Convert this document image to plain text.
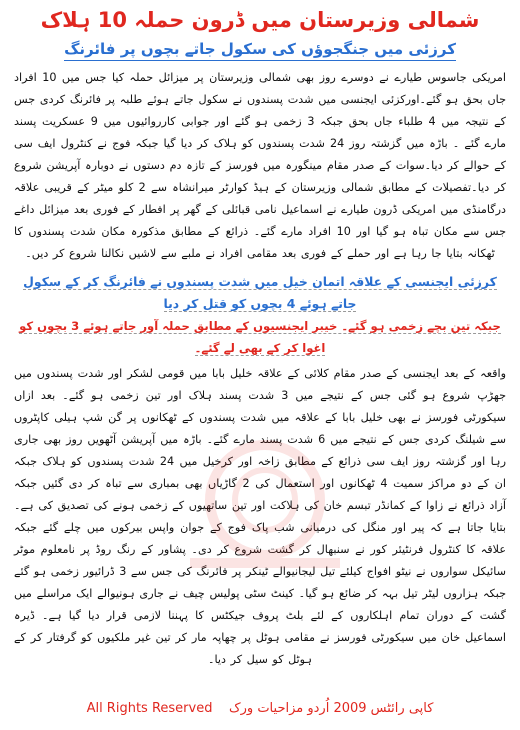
شمالی وزیرستان میں ڈرون حملہ 10 ہلاک
کرزئی میں جنگجوؤں کی سکول جاتے بچوں پر فائرنگ

امریکی جاسوس طیارے نے دوسرے روز بھی شمالی وزیرستان پر میزائل حملہ کیا جس میں 10 افراد جاں بحق ہو گئے۔اورکزئی ایجنسی میں شدت پسندوں نے سکول جاتے ہوئے طلبہ پر فائرنگ کردی جس کے نتیجہ میں 4 طلباء جاں بحق جبکہ 3 زخمی ہو گئے اور جوابی کارروائیوں میں 9 عسکریت پسند مارے گئے ۔ باڑہ میں گزشتہ روز 24 شدت پسندوں کو ہلاک کر دیا گیا جبکہ فوج نے کنٹرول ایف سی کے حوالے کر دیا۔سوات کے صدر مقام مینگورہ میں فورسز کے تازہ دم دستوں نے دوبارہ آپریشن شروع کر دیا۔تفصیلات کے مطابق شمالی وزیرستان کے ہیڈ کوارٹر میرانشاہ سے 2 کلو میٹر کے قریبی علاقہ درگامنڈی میں امریکی ڈرون طیارے نے اسماعیل نامی قبائلی کے گھر پر افطار کے فوری بعد میزائل داغے جس سے مکان تباہ ہو گیا اور 10 افراد مارے گئے۔ ذرائع کے مطابق مذکورہ مکان شدت پسندوں کا ٹھکانہ بتایا جا رہا ہے اور حملے کے فوری بعد مقامی افراد نے ملبے سے لاشیں نکالنا شروع کر دیں۔

کرزئی ایجنسی کے علاقہ اتمان خیل میں شدت پسندوں نے فائرنگ کر کے سکول جاتے ہوئے 4 بچوں کو قتل کر دیا
جبکہ تین بچے زخمی ہو گئے۔ خیبر ایجنسیوں کے مطابق حملہ آور جاتے ہوئے 3 بچوں کو اغوا کر کے بھی لے گئے۔

واقعہ کے بعد ایجنسی کے صدر مقام کلائی کے علاقہ خلیل بابا میں قومی لشکر اور شدت پسندوں میں جھڑپ شروع ہو گئی جس کے نتیجے میں 3 شدت پسند ہلاک اور تین زخمی ہو گئے۔ بعد ازاں سیکورٹی فورسز نے بھی خلیل بابا کے علاقہ میں شدت پسندوں کے ٹھکانوں پر گن شپ ہیلی کاپٹروں سے شیلنگ کردی جس کے نتیجے میں 6 شدت پسند مارے گئے۔ باڑہ میں آپریشن آٹھویں روز بھی جاری رہا اور گزشتہ روز ایف سی ذرائع کے مطابق زاخہ اور کرخیل میں 24 شدت پسندوں کو ہلاک جبکہ ان کے دو مراکز سمیت 4 ٹھکانوں اور استعمال کی 2 گاڑیاں بھی بمباری سے تباہ کر دی گئیں جبکہ آزاد ذرائع نے زاوا کے کمانڈر تبسم خان کی ہلاکت اور تین ساتھیوں کے زخمی ہونے کی تصدیق کی ہے۔ بتایا جاتا ہے کہ پیر اور منگل کی درمیانی شب پاک فوج کے جوان واپس بیرکوں میں چلے گئے جبکہ علاقہ کا کنٹرول فرنٹیئر کور نے سنبھال کر گشت شروع کر دی۔ پشاور کے رنگ روڈ پر نامعلوم موٹر سائیکل سواروں نے نیٹو افواج کیلئے تیل لیجانیوالے ٹینکر پر فائرنگ کی جس سے 3 ڈرائیور زخمی ہو گئے جبکہ ہزاروں لیٹر تیل بہہ کر ضائع ہو گیا۔ کینٹ سٹی پولیس چیف نے جاری ہونیوالے ایک مراسلے میں گشت کے دوران تمام اہلکاروں کے لئے بلٹ پروف جیکٹس کا پہننا لازمی قرار دیا گیا ہے۔ ڈیرہ اسماعیل خان میں سیکورٹی فورسز نے مقامی ہوٹل پر چھاپہ مار کر تین غیر ملکیوں کو گرفتار کر کے ہوٹل کو سیل کر دیا۔

All Rights Reserved کاپی رائٹس 2009 اُردو مزاحیات ورک
